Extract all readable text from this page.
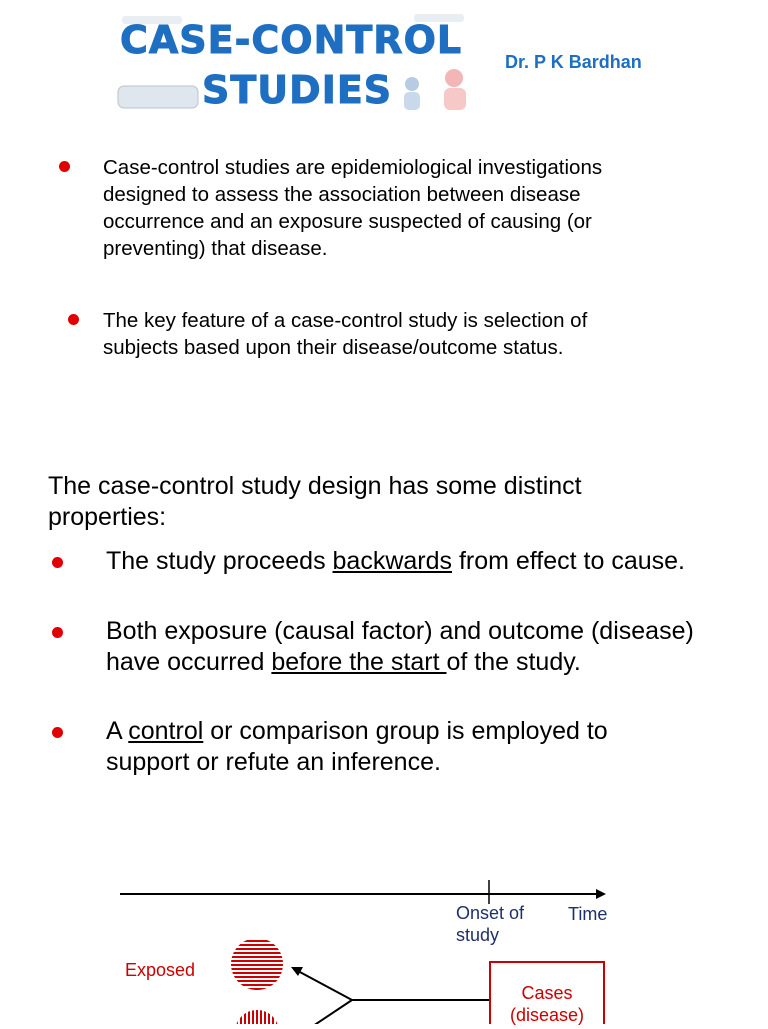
CASE-CONTROL
STUDIES
Dr. P K Bardhan
Case-control studies are epidemiological investigations designed to assess the association between disease occurrence and an exposure suspected of causing (or preventing) that disease.
The key feature of a case-control study is selection of subjects based upon their disease/outcome status.
The case-control study design has some distinct properties:
The study proceeds backwards from effect to cause.
Both exposure (causal factor) and outcome (disease) have occurred before the start of the study.
A control or comparison group is employed to support or refute an inference.
Onset of study
Time
Exposed
Cases (disease)
